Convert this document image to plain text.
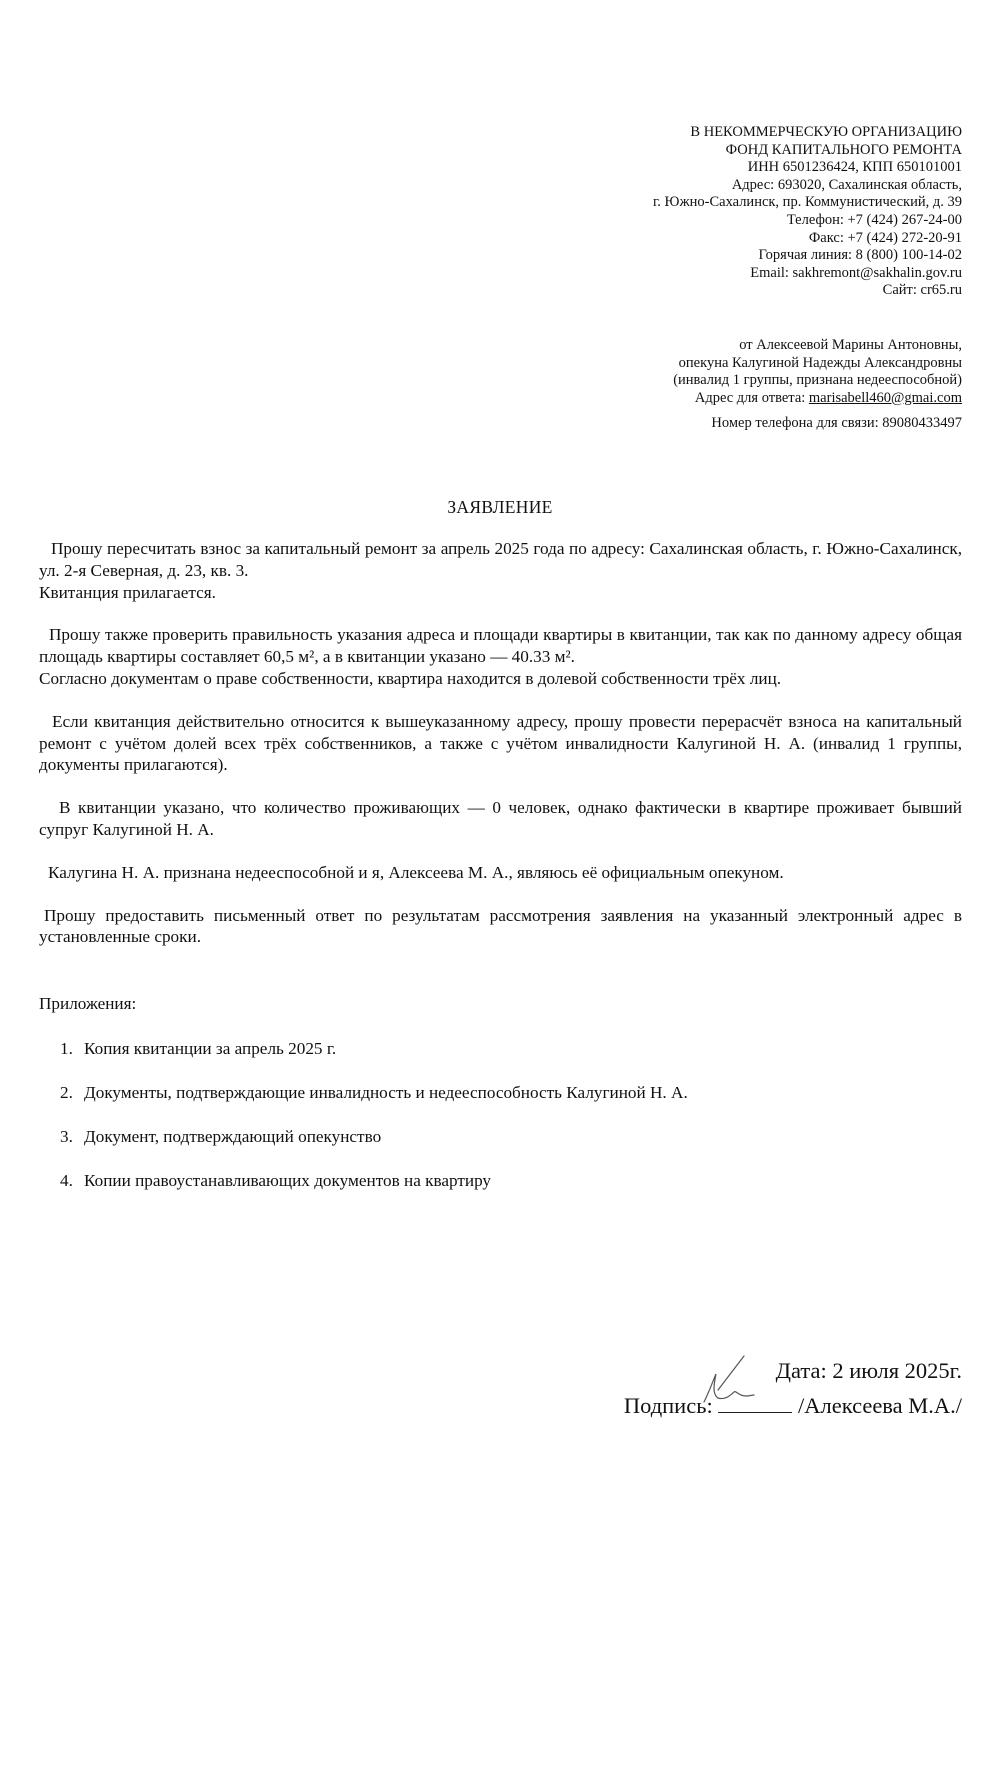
В НЕКОММЕРЧЕСКУЮ ОРГАНИЗАЦИЮ
ФОНД КАПИТАЛЬНОГО РЕМОНТА
ИНН 6501236424, КПП 650101001
Адрес: 693020, Сахалинская область,
г. Южно-Сахалинск, пр. Коммунистический, д. 39
Телефон: +7 (424) 267-24-00
Факс: +7 (424) 272-20-91
Горячая линия: 8 (800) 100-14-02
Email: sakhremont@sakhalin.gov.ru
Сайт: cr65.ru
от Алексеевой Марины Антоновны,
опекуна Калугиной Надежды Александровны
(инвалид 1 группы, признана недееспособной)
Адрес для ответа: marisabell460@gmai.com
Номер телефона для связи: 89080433497
ЗАЯВЛЕНИЕ

Прошу пересчитать взнос за капитальный ремонт за апрель 2025 года по адресу: Сахалинская область, г. Южно-Сахалинск, ул. 2-я Северная, д. 23, кв. 3.
Квитанция прилагается.

Прошу также проверить правильность указания адреса и площади квартиры в квитанции, так как по данному адресу общая площадь квартиры составляет 60,5 м², а в квитанции указано — 40.33 м².
Согласно документам о праве собственности, квартира находится в долевой собственности трёх лиц.

Если квитанция действительно относится к вышеуказанному адресу, прошу провести перерасчёт взноса на капитальный ремонт с учётом долей всех трёх собственников, а также с учётом инвалидности Калугиной Н. А. (инвалид 1 группы, документы прилагаются).

В квитанции указано, что количество проживающих — 0 человек, однако фактически в квартире проживает бывший супруг Калугиной Н. А.

Калугина Н. А. признана недееспособной и я, Алексеева М. А., являюсь её официальным опекуном.

Прошу предоставить письменный ответ по результатам рассмотрения заявления на указанный электронный адрес в установленные сроки.

Приложения:
1. Копия квитанции за апрель 2025 г.
2. Документы, подтверждающие инвалидность и недееспособность Калугиной Н. А.
3. Документ, подтверждающий опекунство
4. Копии правоустанавливающих документов на квартиру
Дата: 2 июля 2025г.
Подпись:	/Алексеева М.А./
